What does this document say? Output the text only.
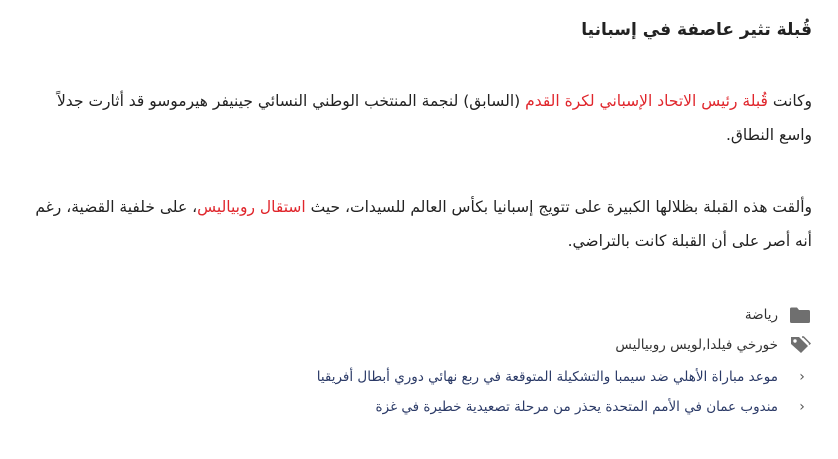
قُبلة تثير عاصفة في إسبانيا

وكانت قُبلة رئيس الاتحاد الإسباني لكرة القدم (السابق) لنجمة المنتخب الوطني النسائي جينيفر هيرموسو قد أثارت جدلاً واسع النطاق.

وألقت هذه القبلة بظلالها الكبيرة على تتويج إسبانيا بكأس العالم للسيدات، حيث استقال روبياليس، على خلفية القضية، رغم أنه أصر على أن القبلة كانت بالتراضي.

رياضة
خورخي فيلدا
,
لويس روبياليس
‹
موعد مباراة الأهلي ضد سيمبا والتشكيلة المتوقعة في ربع نهائي دوري أبطال أفريقيا
‹
مندوب عمان في الأمم المتحدة يحذر من مرحلة تصعيدية خطيرة في غزة
